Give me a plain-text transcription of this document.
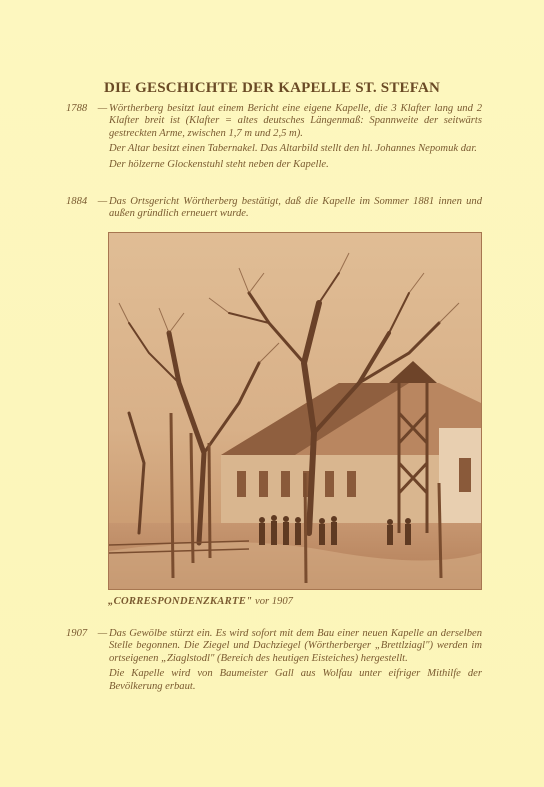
DIE GESCHICHTE DER KAPELLE ST. STEFAN
1788 — Wörtherberg besitzt laut einem Bericht eine eigene Kapelle, die 3 Klafter lang und 2 Klafter breit ist (Klafter = altes deutsches Längenmaß: Spannweite der seitwärts gestreckten Arme, zwischen 1,7 m und 2,5 m).
Der Altar besitzt einen Tabernakel. Das Altarbild stellt den hl. Johannes Nepomuk dar.
Der hölzerne Glockenstuhl steht neben der Kapelle.
1884 — Das Ortsgericht Wörtherberg bestätigt, daß die Kapelle im Sommer 1881 innen und außen gründlich erneuert wurde.
„CORRESPONDENZKARTE" vor 1907
1907 — Das Gewölbe stürzt ein. Es wird sofort mit dem Bau einer neuen Kapelle an derselben Stelle begonnen. Die Ziegel und Dachziegel (Wörtherberger „Brettlziagl") werden im ortseigenen „Ziaglstodl" (Bereich des heutigen Eisteiches) hergestellt.
Die Kapelle wird von Baumeister Gall aus Wolfau unter eifriger Mithilfe der Bevölkerung erbaut.
